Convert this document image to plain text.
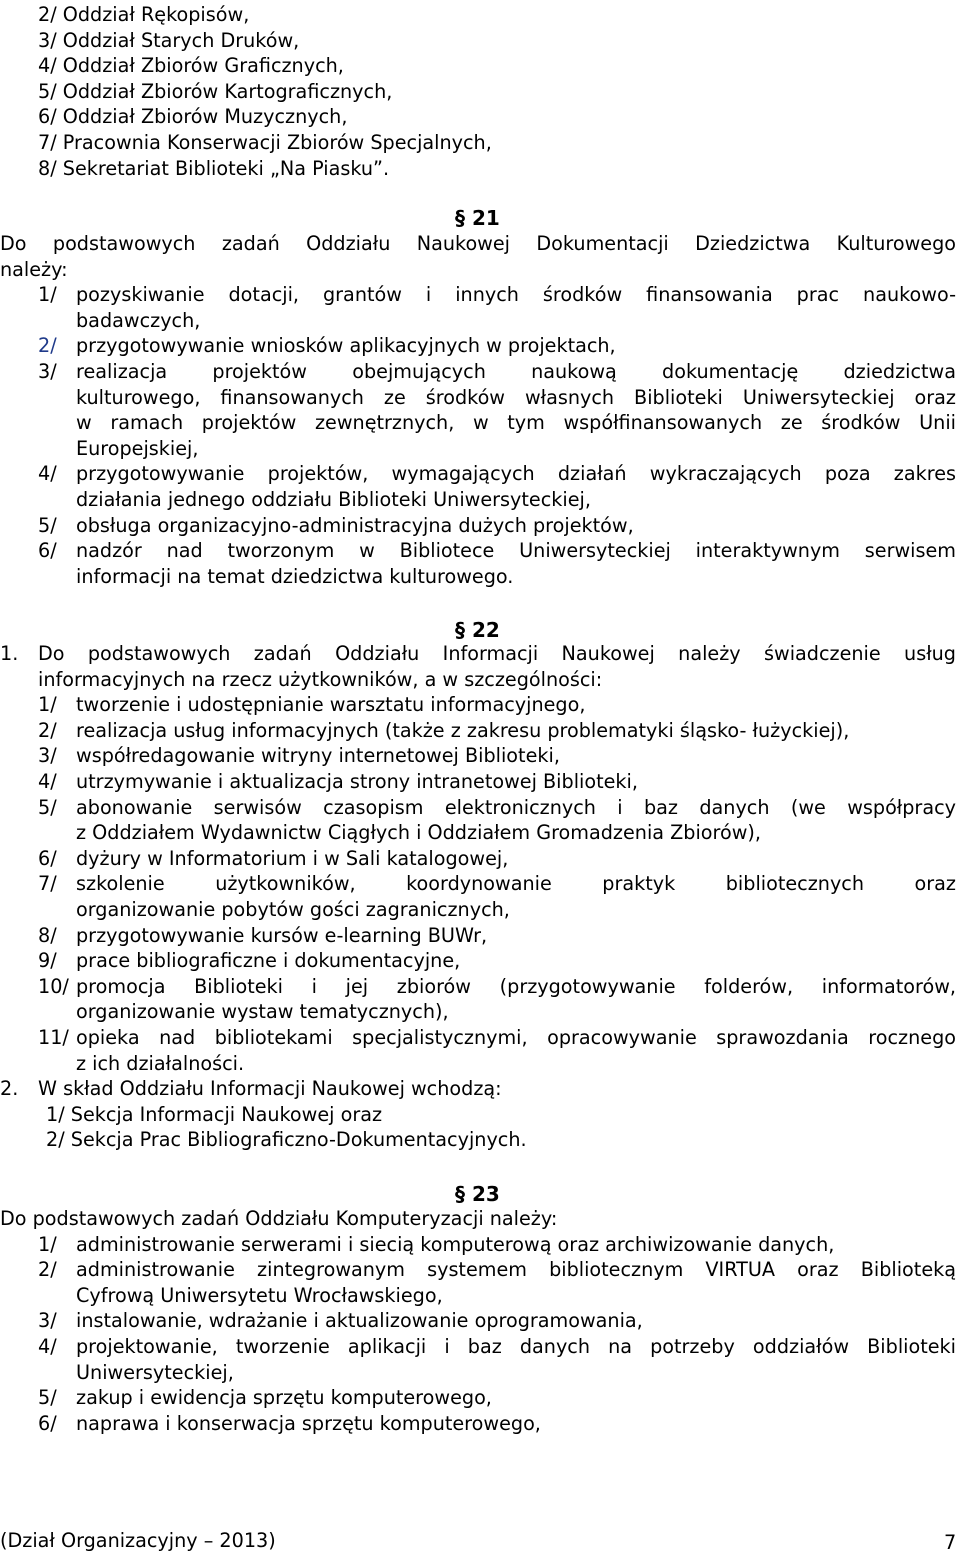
2/ Oddział Rękopisów,
3/ Oddział Starych Druków,
4/ Oddział Zbiorów Graficznych,
5/ Oddział Zbiorów Kartograficznych,
6/ Oddział Zbiorów Muzycznych,
7/ Pracownia Konserwacji Zbiorów Specjalnych,
8/ Sekretariat Biblioteki „Na Piasku”.
§ 21
Do podstawowych zadań Oddziału Naukowej Dokumentacji Dziedzictwa Kulturowego
należy:
1/ pozyskiwanie dotacji, grantów i innych środków finansowania prac naukowo-
badawczych,
2/ przygotowywanie wniosków aplikacyjnych w projektach,
3/ realizacja projektów obejmujących naukową dokumentację dziedzictwa
kulturowego, finansowanych ze środków własnych Biblioteki Uniwersyteckiej oraz
w ramach projektów zewnętrznych, w tym współfinansowanych ze środków Unii
Europejskiej,
4/ przygotowywanie projektów, wymagających działań wykraczających poza zakres
działania jednego oddziału Biblioteki Uniwersyteckiej,
5/ obsługa organizacyjno-administracyjna dużych projektów,
6/ nadzór nad tworzonym w Bibliotece Uniwersyteckiej interaktywnym serwisem
informacji na temat dziedzictwa kulturowego.
§ 22
1. Do podstawowych zadań Oddziału Informacji Naukowej należy świadczenie usług
informacyjnych na rzecz użytkowników, a w szczególności:
1/ tworzenie i udostępnianie warsztatu informacyjnego,
2/ realizacja usług informacyjnych (także z zakresu problematyki śląsko- łużyckiej),
3/ współredagowanie witryny internetowej Biblioteki,
4/ utrzymywanie i aktualizacja strony intranetowej Biblioteki,
5/ abonowanie serwisów czasopism elektronicznych i baz danych (we współpracy
z Oddziałem Wydawnictw Ciągłych i Oddziałem Gromadzenia Zbiorów),
6/ dyżury w Informatorium i w Sali katalogowej,
7/ szkolenie użytkowników, koordynowanie praktyk bibliotecznych oraz
organizowanie pobytów gości zagranicznych,
8/ przygotowywanie kursów e-learning BUWr,
9/ prace bibliograficzne i dokumentacyjne,
10/ promocja Biblioteki i jej zbiorów (przygotowywanie folderów, informatorów,
organizowanie wystaw tematycznych),
11/ opieka nad bibliotekami specjalistycznymi, opracowywanie sprawozdania rocznego
z ich działalności.
2. W skład Oddziału Informacji Naukowej wchodzą:
1/ Sekcja Informacji Naukowej oraz
2/ Sekcja Prac Bibliograficzno-Dokumentacyjnych.
§ 23
Do podstawowych zadań Oddziału Komputeryzacji należy:
1/ administrowanie serwerami i siecią komputerową oraz archiwizowanie danych,
2/ administrowanie zintegrowanym systemem bibliotecznym VIRTUA oraz Biblioteką
Cyfrową Uniwersytetu Wrocławskiego,
3/ instalowanie, wdrażanie i aktualizowanie oprogramowania,
4/ projektowanie, tworzenie aplikacji i baz danych na potrzeby oddziałów Biblioteki
Uniwersyteckiej,
5/ zakup i ewidencja sprzętu komputerowego,
6/ naprawa i konserwacja sprzętu komputerowego,
(Dział Organizacyjny – 2013)	7
